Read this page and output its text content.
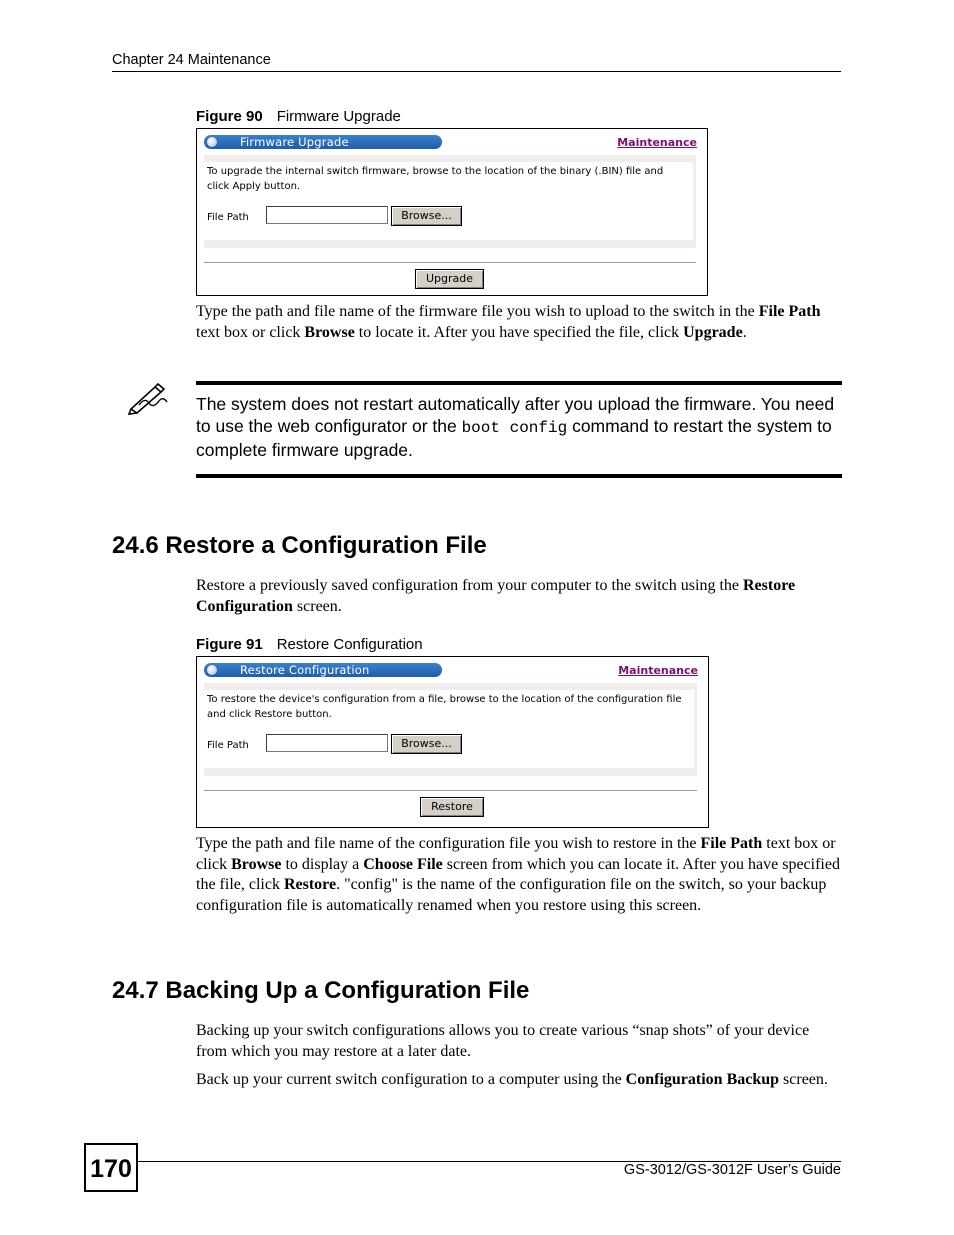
Chapter 24 Maintenance
Figure 90 Firmware Upgrade
Firmware Upgrade	Maintenance
To upgrade the internal switch firmware, browse to the location of the binary (.BIN) file and click Apply button.
File Path	Browse...
Upgrade
Type the path and file name of the firmware file you wish to upload to the switch in the File Path text box or click Browse to locate it. After you have specified the file, click Upgrade.
The system does not restart automatically after you upload the firmware. You need to use the web configurator or the boot config command to restart the system to complete firmware upgrade.
24.6 Restore a Configuration File
Restore a previously saved configuration from your computer to the switch using the Restore Configuration screen.
Figure 91 Restore Configuration
Restore Configuration	Maintenance
To restore the device's configuration from a file, browse to the location of the configuration file and click Restore button.
File Path	Browse...
Restore
Type the path and file name of the configuration file you wish to restore in the File Path text box or click Browse to display a Choose File screen from which you can locate it. After you have specified the file, click Restore. "config" is the name of the configuration file on the switch, so your backup configuration file is automatically renamed when you restore using this screen.
24.7 Backing Up a Configuration File
Backing up your switch configurations allows you to create various “snap shots” of your device from which you may restore at a later date.
Back up your current switch configuration to a computer using the Configuration Backup screen.
170	GS-3012/GS-3012F User’s Guide
